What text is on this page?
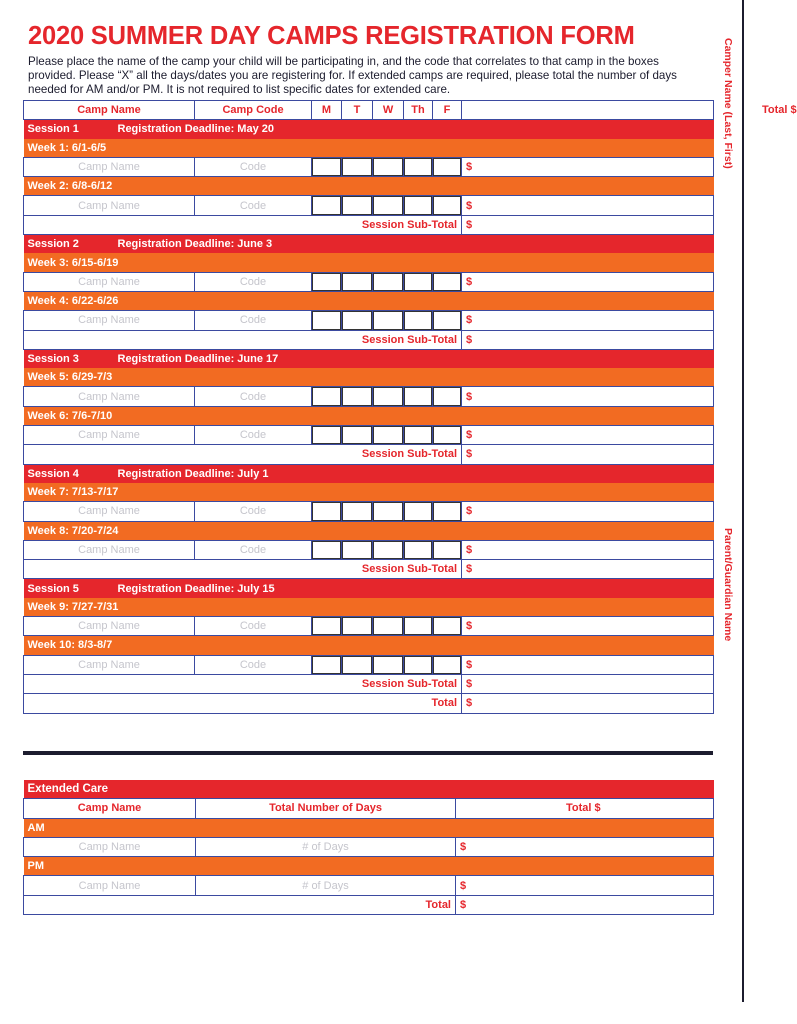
2020 SUMMER DAY CAMPS REGISTRATION FORM
Please place the name of the camp your child will be participating in, and the code that correlates to that camp in the boxes provided. Please “X” all the days/dates you are registering for. If extended camps are required, please total the number of days needed for AM and/or PM. It is not required to list specific dates for extended care.	Camper Name (Last, First)
Parent/Guardian Name
Camp Name		Camp Code	M	T	W	Th	F	Total $
Session 1	Registration Deadline: May 20							
Week 1: 6/1-6/5								
Camp Name		Code						$
Week 2: 6/8-6/12								
Camp Name		Code						$
Session Sub-Total								$
Session 2	Registration Deadline: June 3							
Week 3: 6/15-6/19								
Camp Name		Code						$
Week 4: 6/22-6/26								
Camp Name		Code						$
Session Sub-Total								$
Session 3	Registration Deadline: June 17							
Week 5: 6/29-7/3								
Camp Name		Code						$
Week 6: 7/6-7/10								
Camp Name		Code						$
Session Sub-Total								$
Session 4	Registration Deadline: July 1							
Week 7: 7/13-7/17								
Camp Name		Code						$
Week 8: 7/20-7/24								
Camp Name		Code						$
Session Sub-Total								$
Session 5	Registration Deadline: July 15							
Week 9: 7/27-7/31								
Camp Name		Code						$
Week 10: 8/3-8/7								
Camp Name		Code						$
Session Sub-Total								$
Total								$
Extended Care		
Camp Name	Total Number of Days	Total $
AM		
Camp Name	# of Days	$
PM		
Camp Name	# of Days	$
Total		$
